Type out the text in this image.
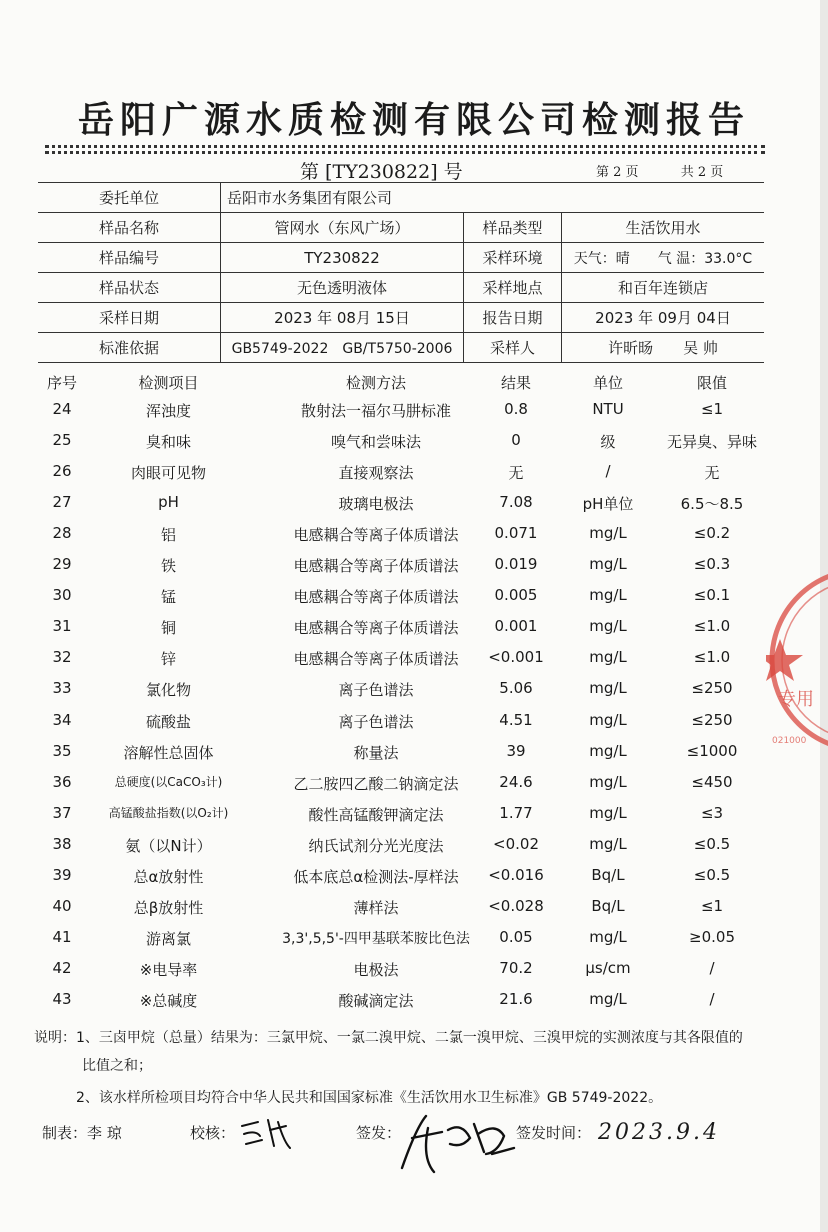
岳阳广源水质检测有限公司检测报告
第 [TY230822] 号	第 2 页	共 2 页
委托单位	岳阳市水务集团有限公司		
样品名称	管网水（东风广场）	样品类型	生活饮用水
样品编号	TY230822	采样环境	天气：晴　　气 温：33.0°C
样品状态	无色透明液体	采样地点	和百年连锁店
采样日期	2023 年 08月 15日	报告日期	2023 年 09月 04日
标准依据	GB5749-2022　GB/T5750-2006	采样人	许昕旸　　吴 帅
序号	检测项目	检测方法	结果	单位	限值
24	浑浊度	散射法一福尔马肼标准	0.8	NTU	≤1
25	臭和味	嗅气和尝味法	0	级	无异臭、异味
26	肉眼可见物	直接观察法	无	/	无
27	pH	玻璃电极法	7.08	pH单位	6.5～8.5
28	铝	电感耦合等离子体质谱法	0.071	mg/L	≤0.2
29	铁	电感耦合等离子体质谱法	0.019	mg/L	≤0.3
30	锰	电感耦合等离子体质谱法	0.005	mg/L	≤0.1
31	铜	电感耦合等离子体质谱法	0.001	mg/L	≤1.0
32	锌	电感耦合等离子体质谱法	<0.001	mg/L	≤1.0
33	氯化物	离子色谱法	5.06	mg/L	≤250
34	硫酸盐	离子色谱法	4.51	mg/L	≤250
35	溶解性总固体	称量法	39	mg/L	≤1000
36	总硬度(以CaCO₃计)	乙二胺四乙酸二钠滴定法	24.6	mg/L	≤450
37	高锰酸盐指数(以O₂计)	酸性高锰酸钾滴定法	1.77	mg/L	≤3
38	氨（以N计）	纳氏试剂分光光度法	<0.02	mg/L	≤0.5
39	总α放射性	低本底总α检测法-厚样法	<0.016	Bq/L	≤0.5
40	总β放射性	薄样法	<0.028	Bq/L	≤1
41	游离氯	3,3',5,5'-四甲基联苯胺比色法	0.05	mg/L	≥0.05
42	※电导率	电极法	70.2	μs/cm	/
43	※总碱度	酸碱滴定法	21.6	mg/L	/
说明：1、三卤甲烷（总量）结果为：三氯甲烷、一氯二溴甲烷、二氯一溴甲烷、三溴甲烷的实测浓度与其各限值的
比值之和；
2、该水样所检项目均符合中华人民共和国国家标准《生活饮用水卫生标准》GB 5749-2022。
制表：李 琼	校核：	签发：	签发时间： 2023.9.4
专用
021000
